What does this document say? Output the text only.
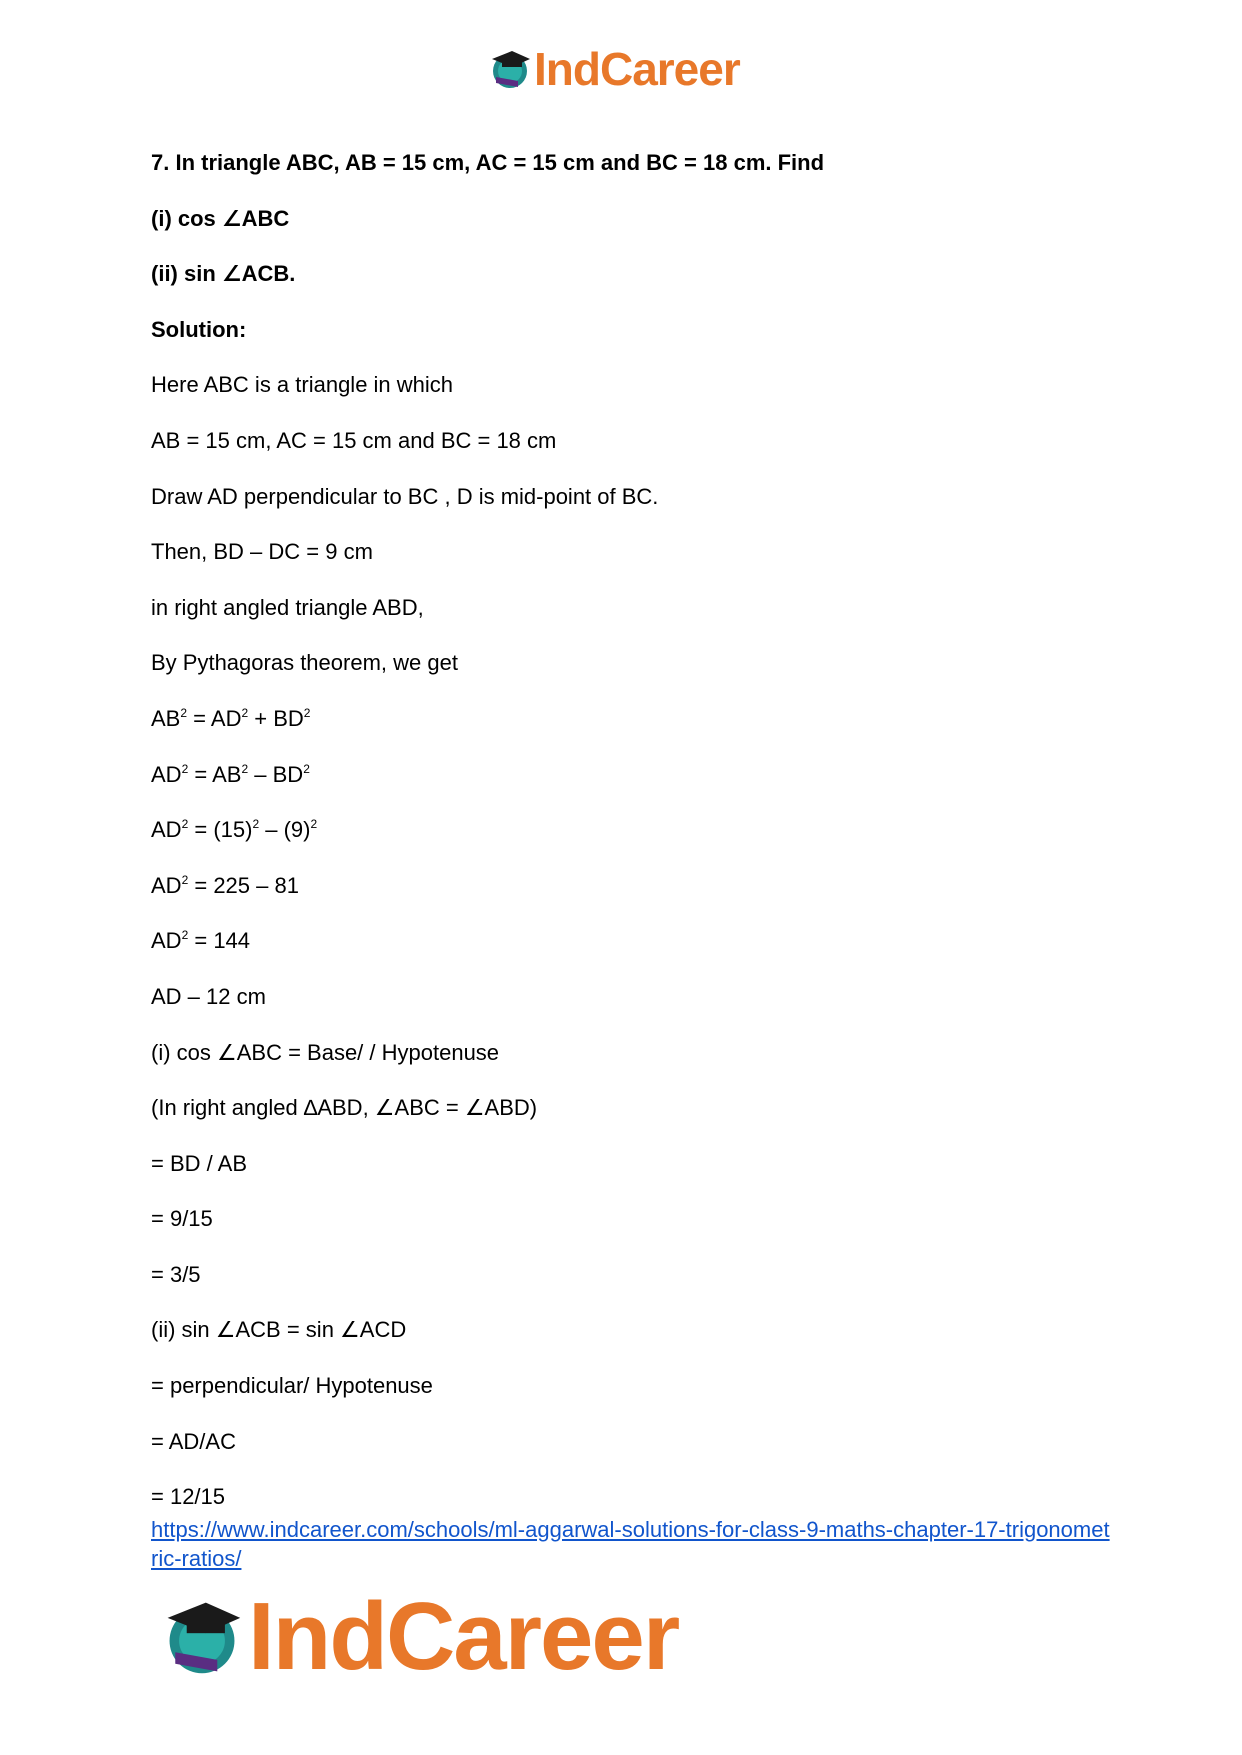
IndCareer
7. In triangle ABC, AB = 15 cm, AC = 15 cm and BC = 18 cm. Find
(i) cos ∠ABC
(ii) sin ∠ACB.
Solution:
Here ABC is a triangle in which
AB = 15 cm, AC = 15 cm and BC = 18 cm
Draw AD perpendicular to BC , D is mid-point of BC.
Then, BD – DC = 9 cm
in right angled triangle ABD,
By Pythagoras theorem, we get
$AB^2 = AD^2 + BD^2$
$AD^2 = AB^2 - BD^2$
$AD^2 = (15)^2 - (9)^2$
$AD^2 = 225 - 81$
$AD^2 = 144$
AD – 12 cm
(i) cos ∠ABC = Base/ / Hypotenuse
(In right angled ∆ABD, ∠ABC = ∠ABD)
= BD / AB
= 9/15
= 3/5
(ii) sin ∠ACB = sin ∠ACD
= perpendicular/ Hypotenuse
= AD/AC
= 12/15
https://www.indcareer.com/schools/ml-aggarwal-solutions-for-class-9-maths-chapter-17-trigonometric-ratios/
IndCareer
